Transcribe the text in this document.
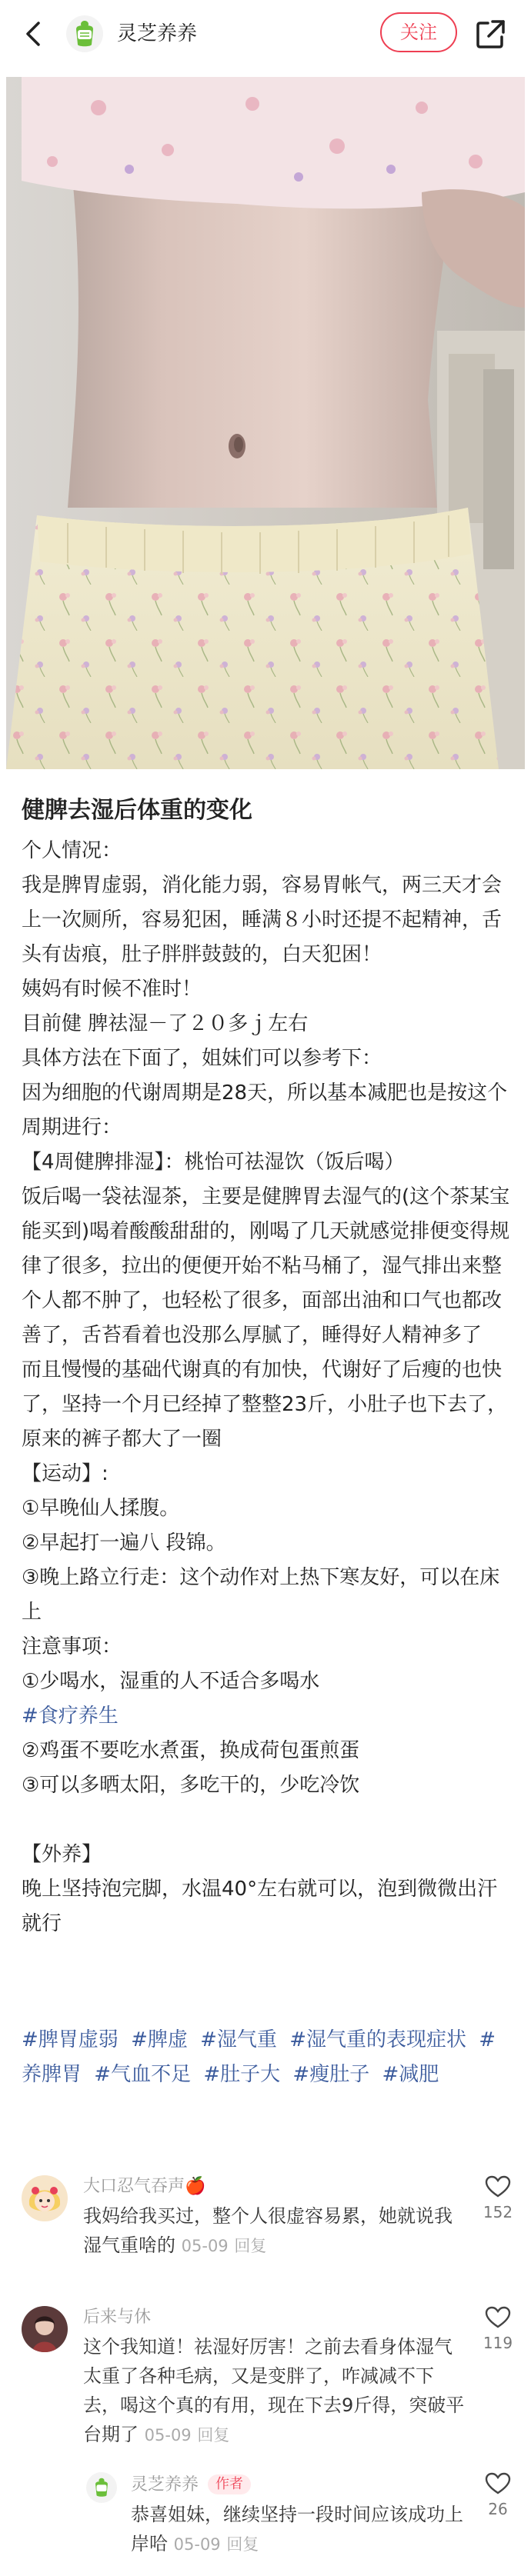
灵芝养养	关注
健脾去湿后体重的变化

个人情况：

我是脾胃虚弱，消化能力弱，容易胃帐气，两三天才会上一次厕所，容易犯困，睡满８小时还提不起精神，舌头有齿痕，肚子胖胖鼓鼓的，白天犯困！

姨妈有时候不准时！

目前健 脾祛湿－了２０多ｊ左右

具体方法在下面了，姐妹们可以参考下：

因为细胞的代谢周期是28天，所以基本减肥也是按这个周期进行：

【4周健脾排湿】：桃怡可祛湿饮（饭后喝）

饭后喝一袋祛湿茶，主要是健脾胃去湿气的(这个茶某宝能买到)喝着酸酸甜甜的，刚喝了几天就感觉排便变得规律了很多，拉出的便便开始不粘马桶了，湿气排出来整个人都不肿了，也轻松了很多，面部出油和口气也都改善了，舌苔看着也没那么厚腻了，睡得好人精神多了

而且慢慢的基础代谢真的有加快，代谢好了后瘦的也快了，坚持一个月已经掉了整整23斤，小肚子也下去了，原来的裤子都大了一圈

【运动】:

①早晚仙人揉腹。

②早起打一遍八 段锦。

③晚上路立行走：这个动作对上热下寒友好，可以在床上

注意事项：

①少喝水，湿重的人不适合多喝水

#食疗养生

②鸡蛋不要吃水煮蛋，换成荷包蛋煎蛋

③可以多晒太阳，多吃干的，少吃冷饮

【外养】

晚上坚持泡完脚，水温40°左右就可以，泡到微微出汗就行

#脾胃虚弱 #脾虚 #湿气重 #湿气重的表现症状 #养脾胃 #气血不足 #肚子大 #瘦肚子 #减肥
大口忍气吞声🍎
我妈给我买过，整个人很虚容易累，她就说我湿气重啥的 05-09 回复
152
后来与休
这个我知道！祛湿好厉害！之前去看身体湿气太重了各种毛病，又是变胖了，咋减减不下去，喝这个真的有用，现在下去9斤得，突破平台期了 05-09 回复
119
灵芝养养 作者
恭喜姐妹，继续坚持一段时间应该成功上岸哈 05-09 回复
26
